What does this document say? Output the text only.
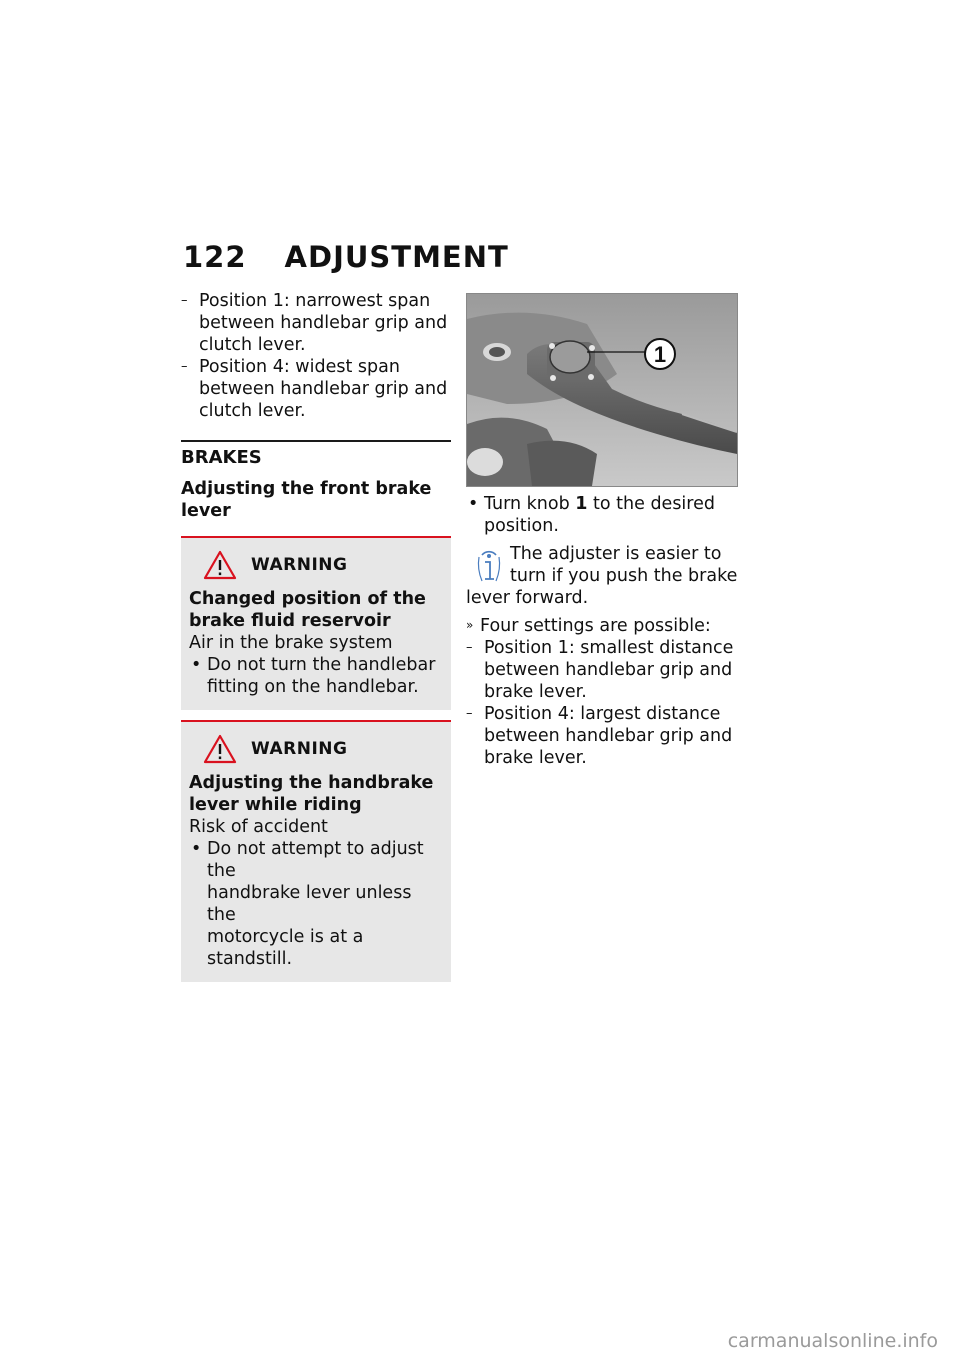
122 ADJUSTMENT
– Position 1: narrowest span
between handlebar grip and
clutch lever.
– Position 4: widest span
between handlebar grip and
clutch lever.
BRAKES
Adjusting the front brake
lever
WARNING
Changed position of the
brake fluid reservoir
Air in the brake system
• Do not turn the handlebar
fitting on the handlebar.
WARNING
Adjusting the handbrake
lever while riding
Risk of accident
• Do not attempt to adjust the
handbrake lever unless the
motorcycle is at a standstill.
1
• Turn knob 1 to the desired
position.
The adjuster is easier to
turn if you push the brake
lever forward.
» Four settings are possible:
– Position 1: smallest distance
between handlebar grip and
brake lever.
– Position 4: largest distance
between handlebar grip and
brake lever.
carmanualsonline.info
